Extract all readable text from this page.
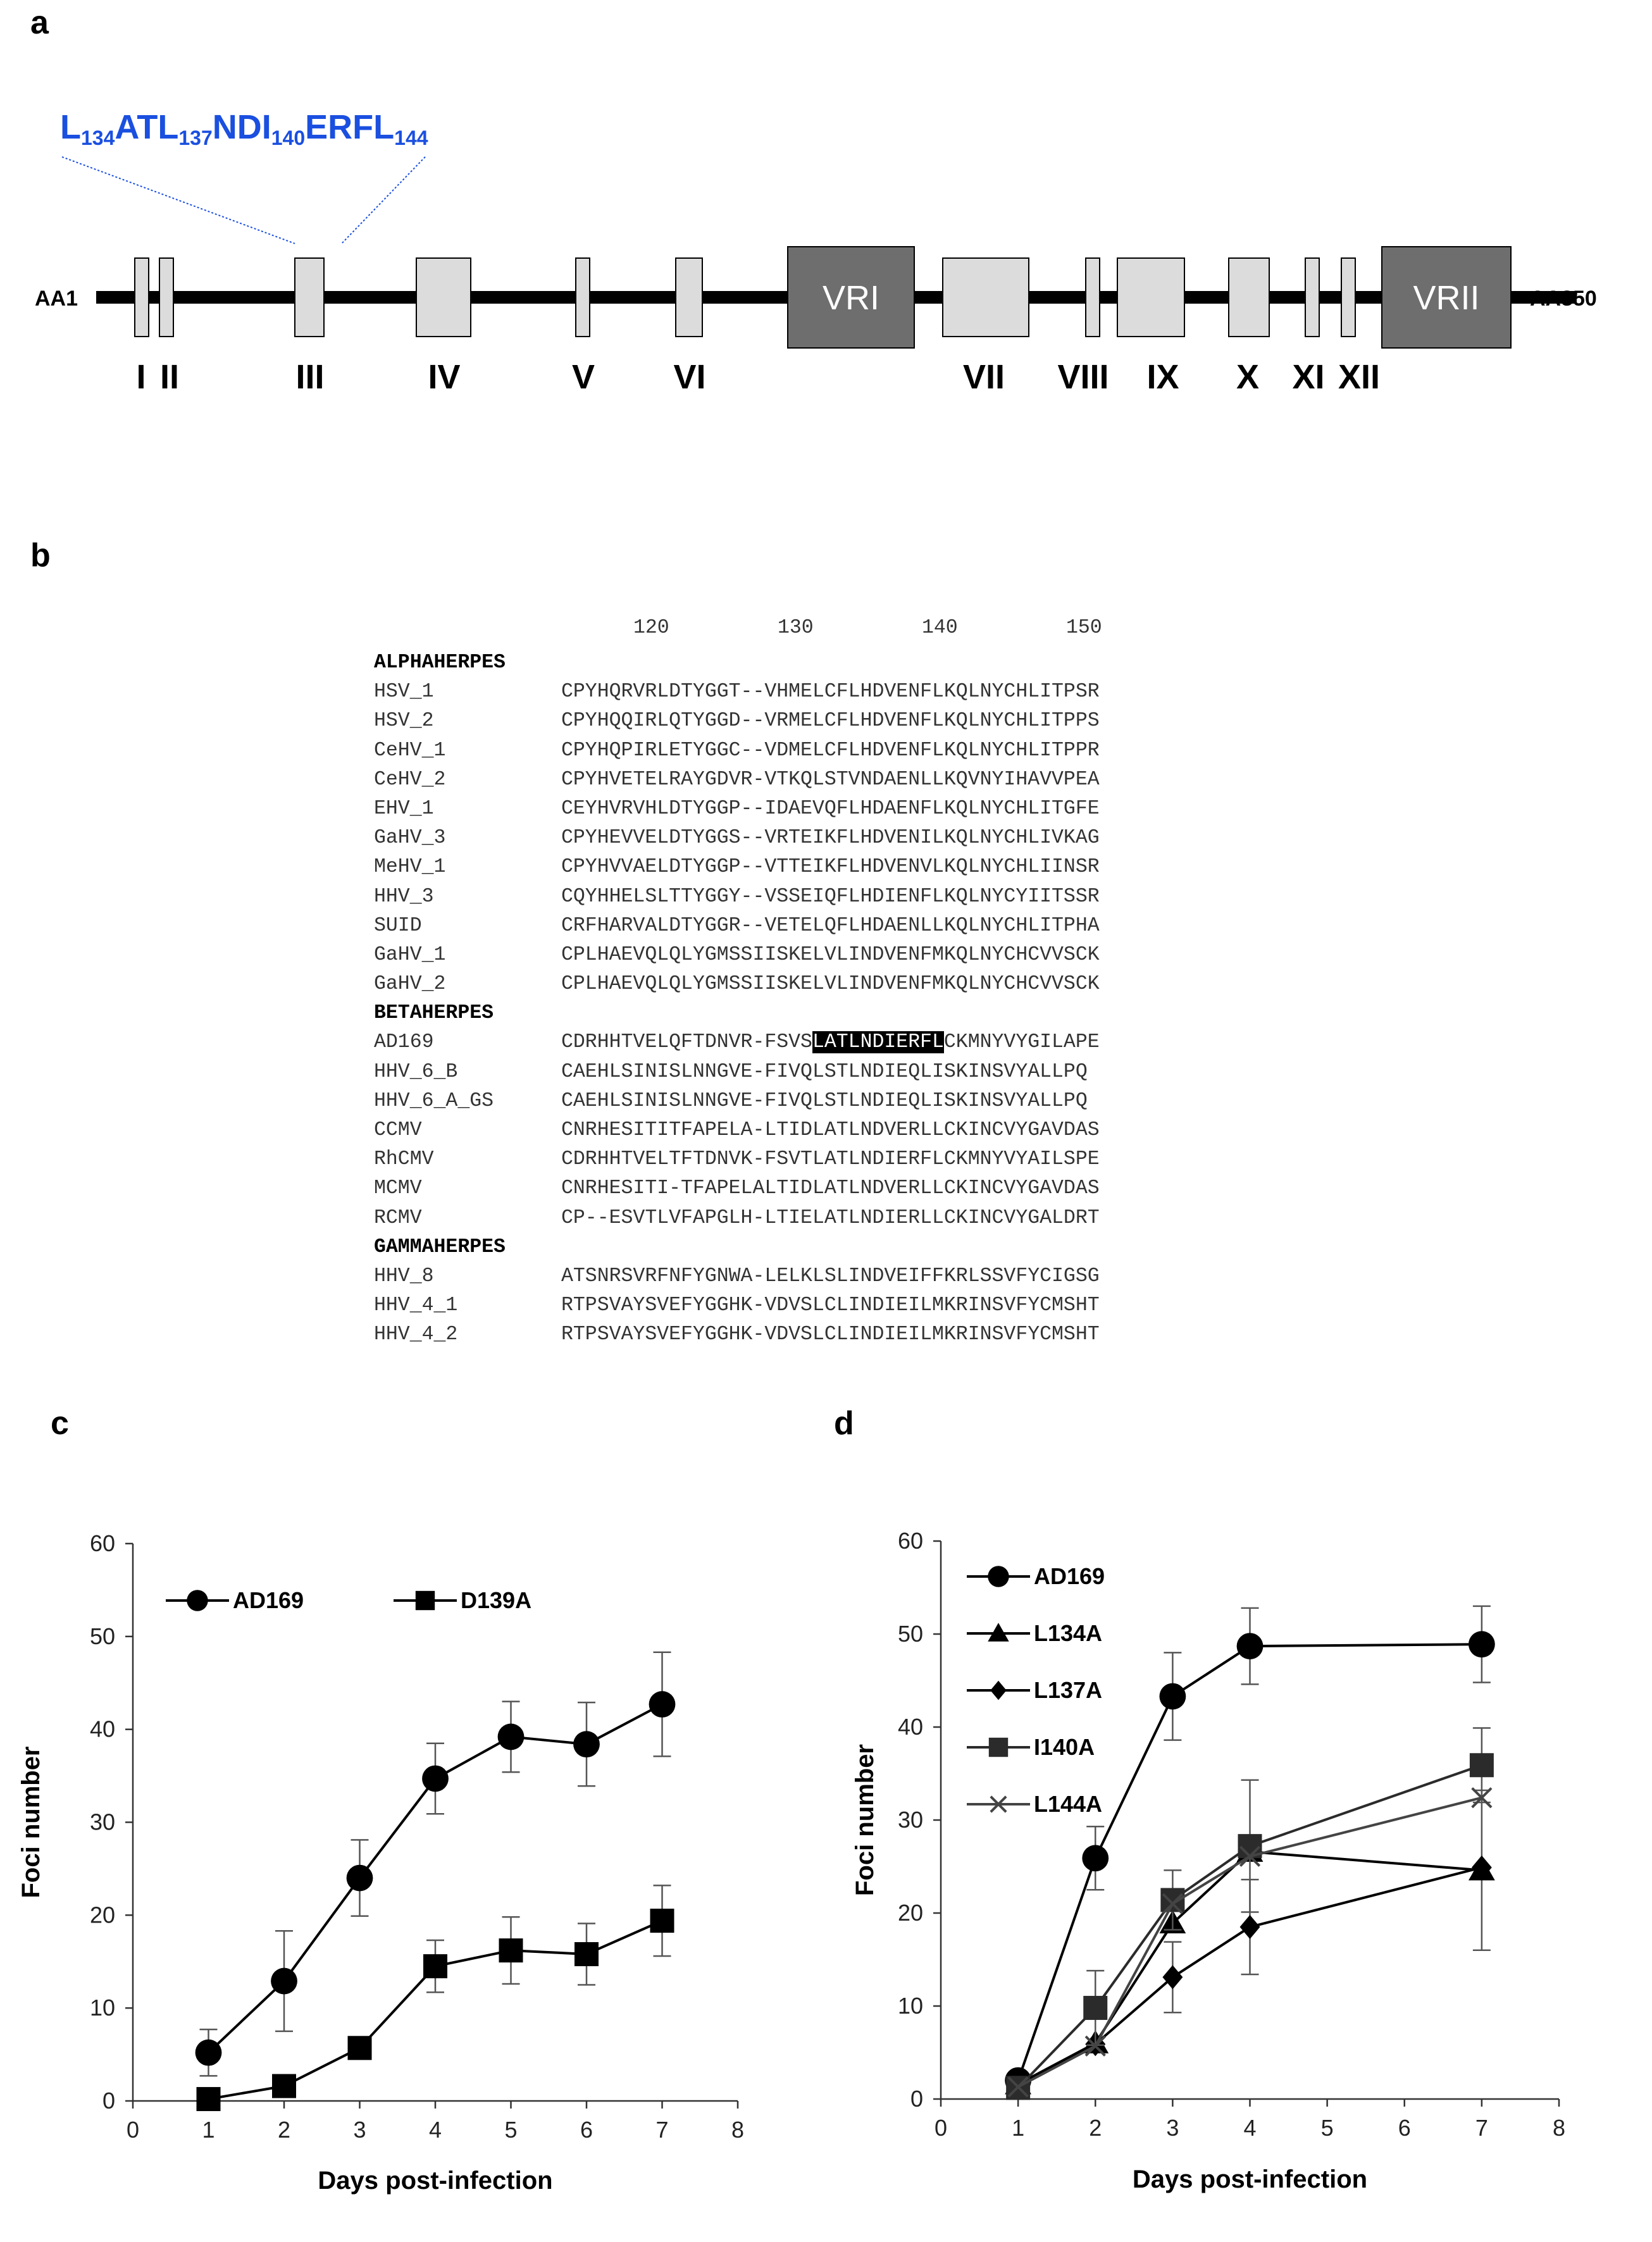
a
b
c	d
$L_{134}ATL_{137}NDI_{140}ERFL_{144}$
AA1	AA850
I II	III	IV	V VI
VRI
VII VIII IX X XI XII
VRII
120	130	140	150
ALPHAHERPES
HSV_1	CPYHQRVRLDTYGGT--VHMELCFLHDVENFLKQLNYCHLITPSR
HSV_2	CPYHQQIRLQTYGGD--VRMELCFLHDVENFLKQLNYCHLITPPS
CeHV_1	CPYHQPIRLETYGGC--VDMELCFLHDVENFLKQLNYCHLITPPR
CeHV_2	CPYHVETELRAYGDVR-VTKQLSTVNDAENLLKQVNYIHAVVPEA
EHV_1	CEYHVRVHLDTYGGP--IDAEVQFLHDAENFLKQLNYCHLITGFE
GaHV_3	CPYHEVVELDTYGGS--VRTEIKFLHDVENILKQLNYCHLIVKAG
MeHV_1	CPYHVVAELDTYGGP--VTTEIKFLHDVENVLKQLNYCHLIINSR
HHV_3	CQYHHELSLTTYGGY--VSSEIQFLHDIENFLKQLNYCYIITSSR
SUID	CRFHARVALDTYGGR--VETELQFLHDAENLLKQLNYCHLITPHA
GaHV_1	CPLHAEVQLQLYGMSSIISKELVLINDVENFMKQLNYCHCVVSCK
GaHV_2	CPLHAEVQLQLYGMSSIISKELVLINDVENFMKQLNYCHCVVSCK
BETAHERPES
AD169	CDRHHTVELQFTDNVR-FSVSLATLNDIERFLCKMNYVYGILAPE
HHV_6_B	CAEHLSINISLNNGVE-FIVQLSTLNDIEQLISKINSVYALLPQ
HHV_6_A_GS	CAEHLSINISLNNGVE-FIVQLSTLNDIEQLISKINSVYALLPQ
CCMV	CNRHESITITFAPELA-LTIDLATLNDVERLLCKINCVYGAVDAS
RhCMV	CDRHHTVELTFTDNVK-FSVTLATLNDIERFLCKMNYVYAILSPE
MCMV	CNRHESITI-TFAPELALTIDLATLNDVERLLCKINCVYGAVDAS
RCMV	CP--ESVTLVFAPGLH-LTIELATLNDIERLLCKINCVYGALDRT
GAMMAHERPES
HHV_8	ATSNRSVRFNFYGNWA-LELKLSLINDVEIFFKRLSSVFYCIGSG
HHV_4_1	RTPSVAYSVEFYGGHK-VDVSLCLINDIEILMKRINSVFYCMSHT
HHV_4_2	RTPSVAYSVEFYGGHK-VDVSLCLINDIEILMKRINSVFYCMSHT
0
10
20
30
40
50
60
0	1	2	3	4	5	6	7	8
Days post-infection
Foci number
AD169	D139A
0
10
20
30
40
50
60
0	1	2	3	4	5	6	7	8
Days post-infection
Foci number
AD169
L134A
L137A
I140A
L144A
